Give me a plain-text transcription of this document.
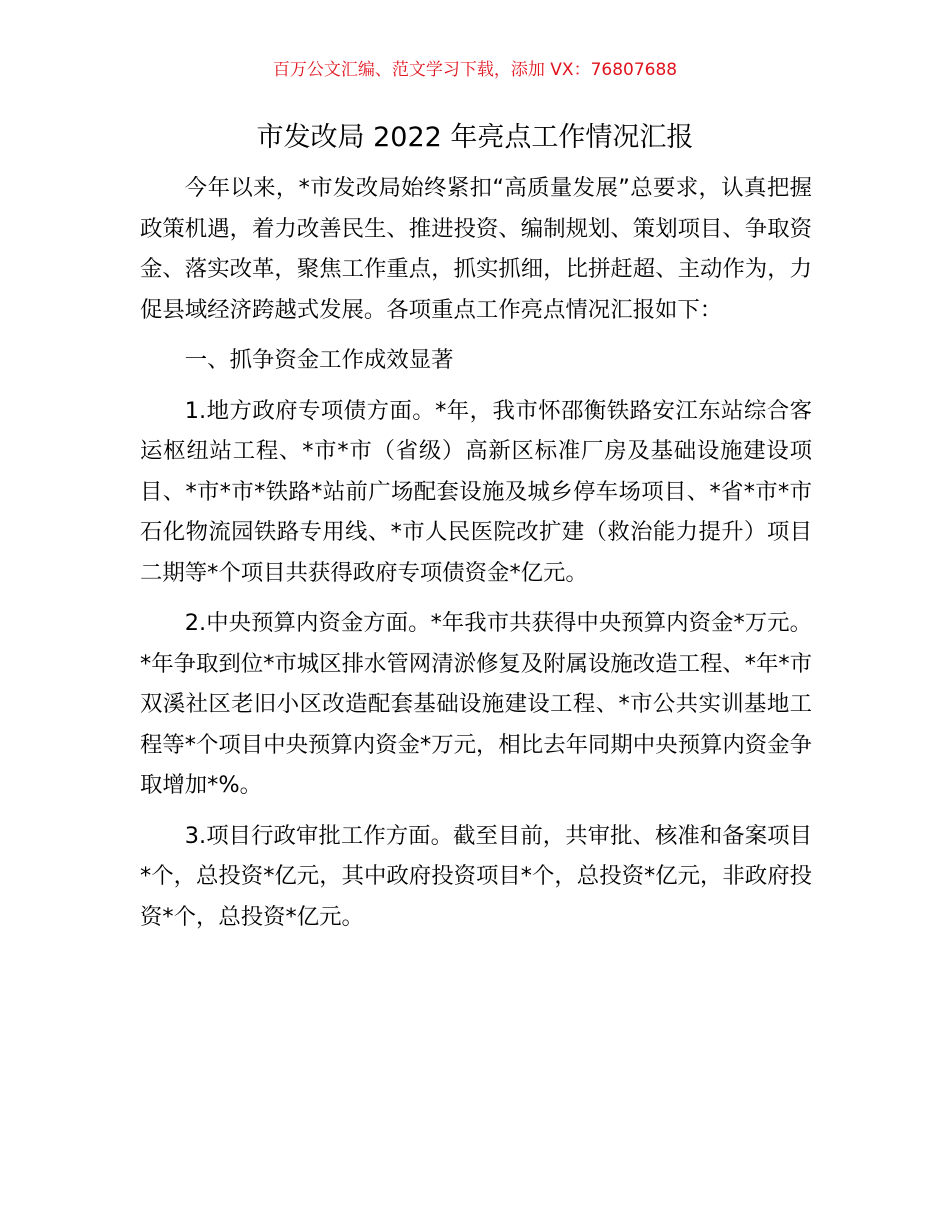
百万公文汇编、范文学习下载，添加 VX：76807688
市发改局 2022 年亮点工作情况汇报

今年以来，*市发改局始终紧扣“高质量发展”总要求，认真把握政策机遇，着力改善民生、推进投资、编制规划、策划项目、争取资金、落实改革，聚焦工作重点，抓实抓细，比拼赶超、主动作为，力促县域经济跨越式发展。各项重点工作亮点情况汇报如下：

一、抓争资金工作成效显著

1.地方政府专项债方面。*年，我市怀邵衡铁路安江东站综合客运枢纽站工程、*市*市（省级）高新区标准厂房及基础设施建设项目、*市*市*铁路*站前广场配套设施及城乡停车场项目、*省*市*市石化物流园铁路专用线、*市人民医院改扩建（救治能力提升）项目二期等*个项目共获得政府专项债资金*亿元。

2.中央预算内资金方面。*年我市共获得中央预算内资金*万元。*年争取到位*市城区排水管网清淤修复及附属设施改造工程、*年*市双溪社区老旧小区改造配套基础设施建设工程、*市公共实训基地工程等*个项目中央预算内资金*万元，相比去年同期中央预算内资金争取增加*%。

3.项目行政审批工作方面。截至目前，共审批、核准和备案项目*个，总投资*亿元，其中政府投资项目*个，总投资*亿元，非政府投资*个，总投资*亿元。
